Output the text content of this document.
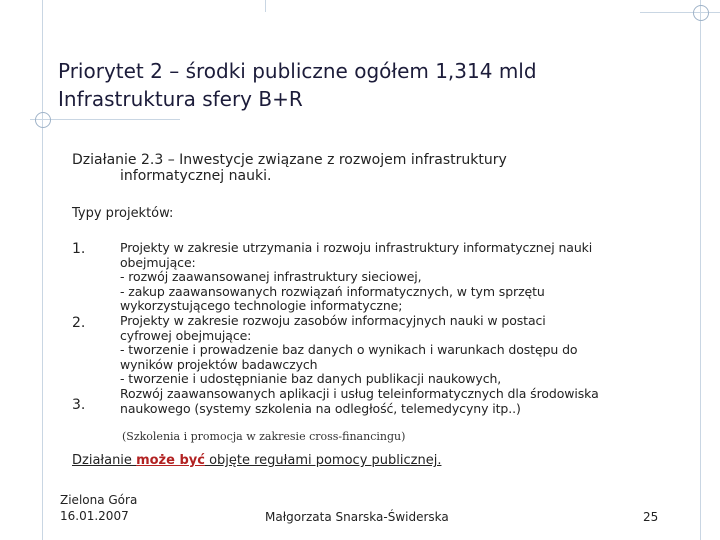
Priorytet 2 – środki publiczne ogółem 1,314 mld
Infrastruktura sfery B+R
Działanie 2.3 – Inwestycje związane z rozwojem infrastruktury
informatycznej nauki.
Typy projektów:
1.
2.
3.
Projekty w zakresie utrzymania i rozwoju infrastruktury informatycznej nauki
obejmujące:
- rozwój zaawansowanej infrastruktury sieciowej,
- zakup zaawansowanych rozwiązań informatycznych, w tym sprzętu
wykorzystującego technologie informatyczne;
Projekty w zakresie rozwoju zasobów informacyjnych nauki w postaci
cyfrowej obejmujące:
- tworzenie i prowadzenie baz danych o wynikach i warunkach dostępu do
wyników projektów badawczych
- tworzenie i udostępnianie baz danych publikacji naukowych,
Rozwój zaawansowanych aplikacji i usług teleinformatycznych dla środowiska
naukowego (systemy szkolenia na odległość, telemedycyny itp..)
(Szkolenia i promocja w zakresie cross-financingu)
Działanie może być objęte regułami pomocy publicznej.
Zielona Góra
16.01.2007	Małgorzata Snarska-Świderska	25
